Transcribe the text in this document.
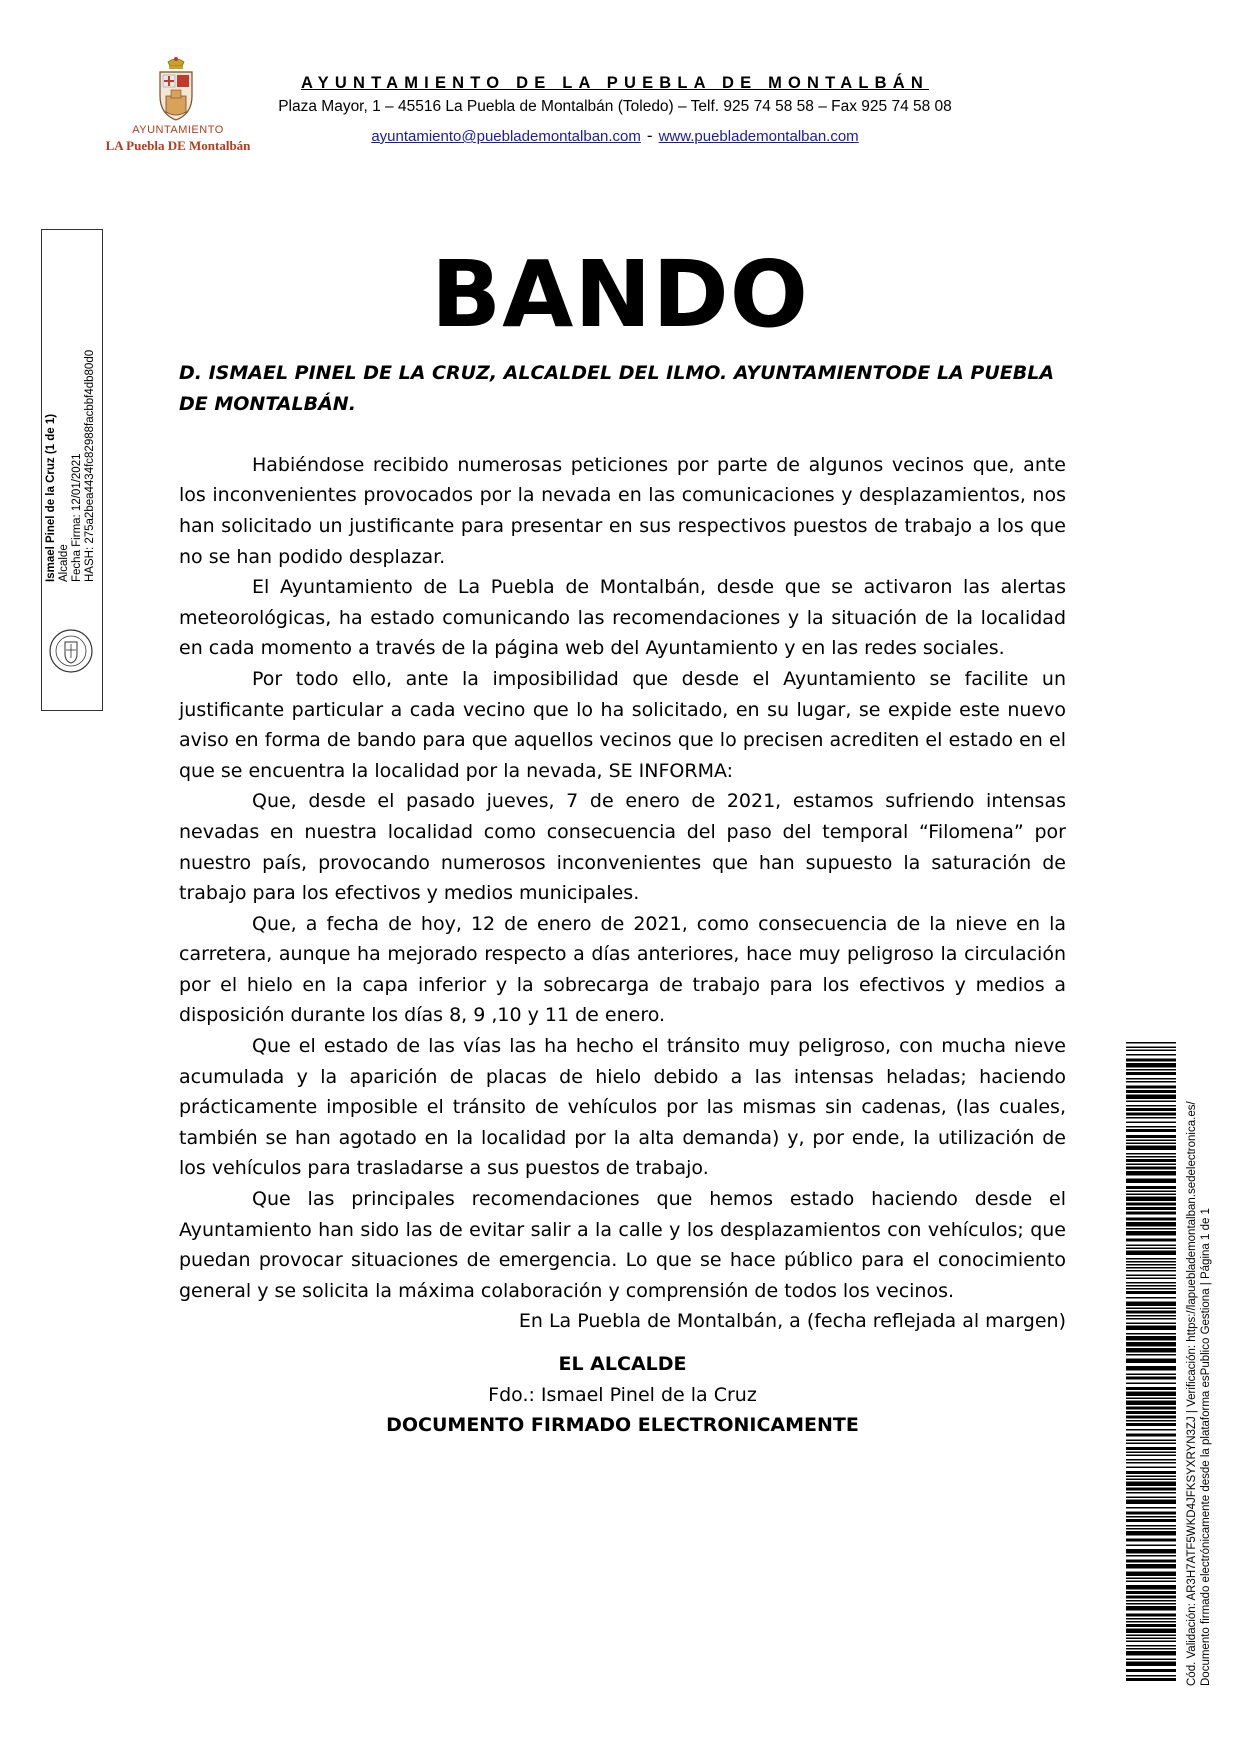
AYUNTAMIENTO
LA Puebla DE Montalbán
AYUNTAMIENTO DE LA PUEBLA DE MONTALBÁN
Plaza Mayor, 1 – 45516 La Puebla de Montalbán (Toledo) – Telf. 925 74 58 58 – Fax 925 74 58 08
ayuntamiento@pueblademontalban.com - www.pueblademontalban.com
Ismael Pinel de la Cruz (1 de 1) Alcalde Fecha Firma: 12/01/2021 HASH: 275a2bea4434fc82988facbbf4db80d0
Cód. Validación: AR3H7ATF5WKD4JFKSYXRYN3ZJ | Verificación: https://lapueblademontalban.sedelectronica.es/ Documento firmado electrónicamente desde la plataforma esPublico Gestiona | Página 1 de 1
BANDO

D. ISMAEL PINEL DE LA CRUZ, ALCALDEL DEL ILMO. AYUNTAMIENTODE LA PUEBLA DE MONTALBÁN.

Habiéndose recibido numerosas peticiones por parte de algunos vecinos que, ante los inconvenientes provocados por la nevada en las comunicaciones y desplazamientos, nos han solicitado un justificante para presentar en sus respectivos puestos de trabajo a los que no se han podido desplazar.

El Ayuntamiento de La Puebla de Montalbán, desde que se activaron las alertas meteorológicas, ha estado comunicando las recomendaciones y la situación de la localidad en cada momento a través de la página web del Ayuntamiento y en las redes sociales.

Por todo ello, ante la imposibilidad que desde el Ayuntamiento se facilite un justificante particular a cada vecino que lo ha solicitado, en su lugar, se expide este nuevo aviso en forma de bando para que aquellos vecinos que lo precisen acrediten el estado en el que se encuentra la localidad por la nevada, SE INFORMA:

Que, desde el pasado jueves, 7 de enero de 2021, estamos sufriendo intensas nevadas en nuestra localidad como consecuencia del paso del temporal “Filomena” por nuestro país, provocando numerosos inconvenientes que han supuesto la saturación de trabajo para los efectivos y medios municipales.

Que, a fecha de hoy, 12 de enero de 2021, como consecuencia de la nieve en la carretera, aunque ha mejorado respecto a días anteriores, hace muy peligroso la circulación por el hielo en la capa inferior y la sobrecarga de trabajo para los efectivos y medios a disposición durante los días 8, 9 ,10 y 11 de enero.

Que el estado de las vías las ha hecho el tránsito muy peligroso, con mucha nieve acumulada y la aparición de placas de hielo debido a las intensas heladas; haciendo prácticamente imposible el tránsito de vehículos por las mismas sin cadenas, (las cuales, también se han agotado en la localidad por la alta demanda) y, por ende, la utilización de los vehículos para trasladarse a sus puestos de trabajo.

Que las principales recomendaciones que hemos estado haciendo desde el Ayuntamiento han sido las de evitar salir a la calle y los desplazamientos con vehículos; que puedan provocar situaciones de emergencia. Lo que se hace público para el conocimiento general y se solicita la máxima colaboración y comprensión de todos los vecinos.

En La Puebla de Montalbán, a (fecha reflejada al margen)

EL ALCALDE

Fdo.: Ismael Pinel de la Cruz

DOCUMENTO FIRMADO ELECTRONICAMENTE
